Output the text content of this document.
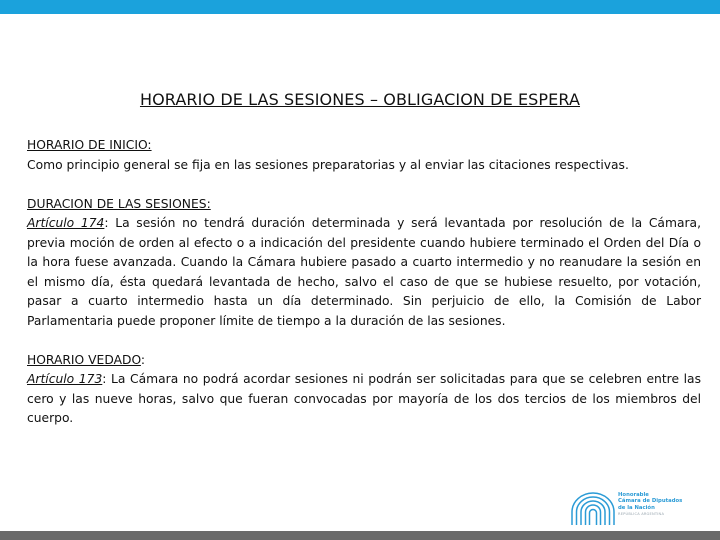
HORARIO DE LAS SESIONES – OBLIGACION DE ESPERA

HORARIO DE INICIO:

Como principio general se fija en las sesiones preparatorias y al enviar las citaciones respectivas.

DURACION DE LAS SESIONES:

Artículo 174: La sesión no tendrá duración determinada y será levantada por resolución de la Cámara, previa moción de orden al efecto o a indicación del presidente cuando hubiere terminado el Orden del Día o la hora fuese avanzada. Cuando la Cámara hubiere pasado a cuarto intermedio y no reanudare la sesión en el mismo día, ésta quedará levantada de hecho, salvo el caso de que se hubiese resuelto, por votación, pasar a cuarto intermedio hasta un día determinado. Sin perjuicio de ello, la Comisión de Labor Parlamentaria puede proponer límite de tiempo a la duración de las sesiones.

HORARIO VEDADO:

Artículo 173: La Cámara no podrá acordar sesiones ni podrán ser solicitadas para que se celebren entre las cero y las nueve horas, salvo que fueran convocadas por mayoría de los dos tercios de los miembros del cuerpo.

Honorable
Cámara de Diputados
de la Nación
REPÚBLICA ARGENTINA
